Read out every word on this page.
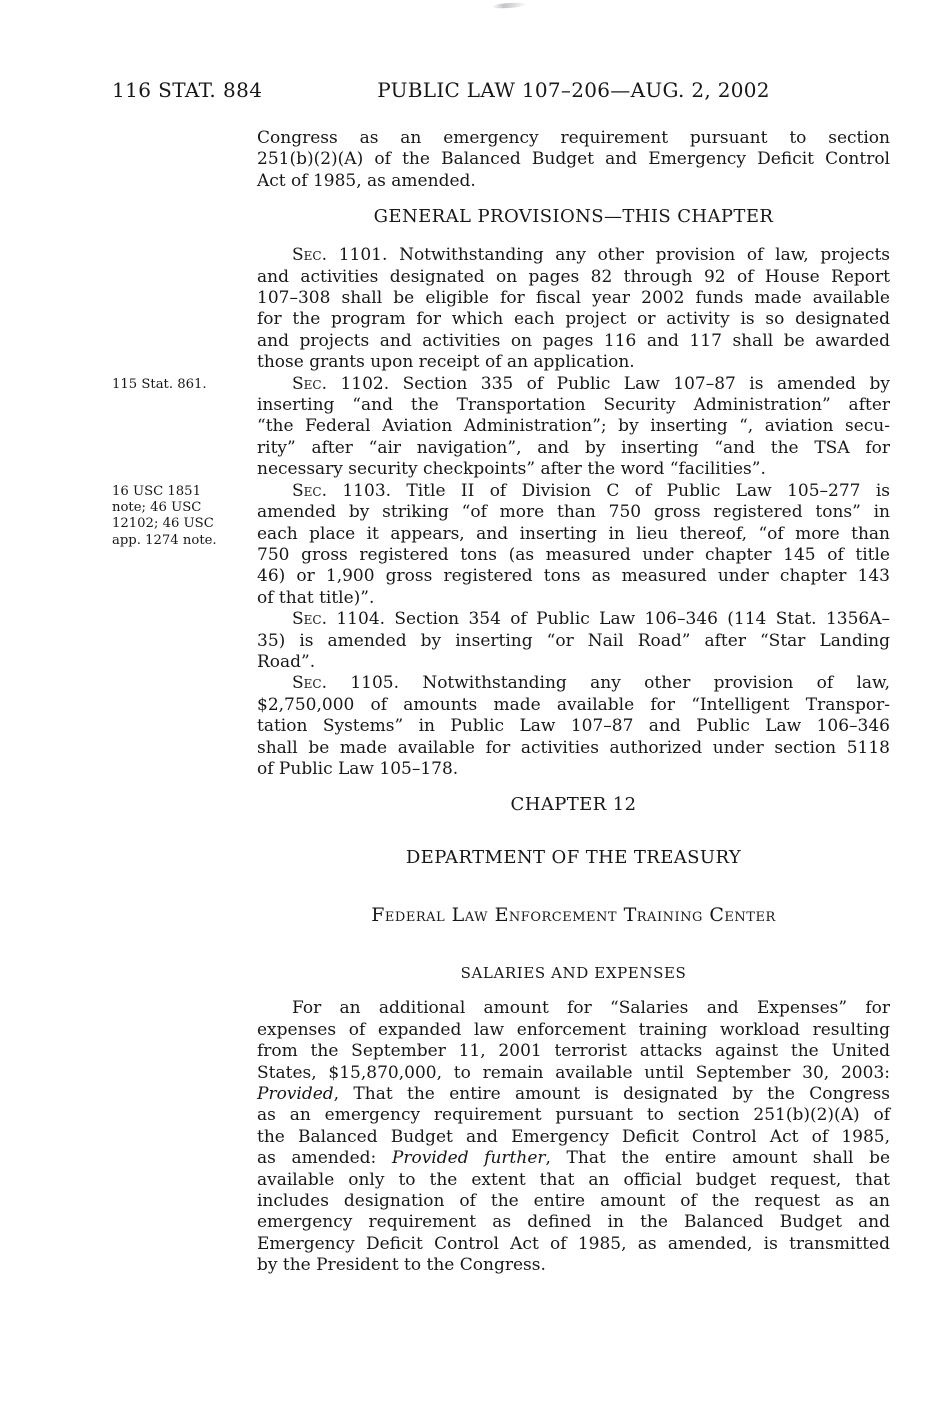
116 STAT. 884	PUBLIC LAW 107–206—AUG. 2, 2002
Congress as an emergency requirement pursuant to section
251(b)(2)(A) of the Balanced Budget and Emergency Deficit Control
Act of 1985, as amended.
GENERAL PROVISIONS—THIS CHAPTER
Sec. 1101. Notwithstanding any other provision of law, projects
and activities designated on pages 82 through 92 of House Report
107–308 shall be eligible for fiscal year 2002 funds made available
for the program for which each project or activity is so designated
and projects and activities on pages 116 and 117 shall be awarded
those grants upon receipt of an application.
115 Stat. 861.	Sec. 1102. Section 335 of Public Law 107–87 is amended by
inserting “and the Transportation Security Administration” after
“the Federal Aviation Administration”; by inserting “, aviation secu-
rity” after “air navigation”, and by inserting “and the TSA for
necessary security checkpoints” after the word “facilities”.
16 USC 1851
note; 46 USC
12102; 46 USC
app. 1274 note.
Sec. 1103. Title II of Division C of Public Law 105–277 is
amended by striking “of more than 750 gross registered tons” in
each place it appears, and inserting in lieu thereof, “of more than
750 gross registered tons (as measured under chapter 145 of title
46) or 1,900 gross registered tons as measured under chapter 143
of that title)”.
Sec. 1104. Section 354 of Public Law 106–346 (114 Stat. 1356A–
35) is amended by inserting “or Nail Road” after “Star Landing
Road”.
Sec. 1105. Notwithstanding any other provision of law,
$2,750,000 of amounts made available for “Intelligent Transpor-
tation Systems” in Public Law 107–87 and Public Law 106–346
shall be made available for activities authorized under section 5118
of Public Law 105–178.
CHAPTER 12
DEPARTMENT OF THE TREASURY
Federal Law Enforcement Training Center
SALARIES AND EXPENSES
For an additional amount for “Salaries and Expenses” for
expenses of expanded law enforcement training workload resulting
from the September 11, 2001 terrorist attacks against the United
States, $15,870,000, to remain available until September 30, 2003:
Provided, That the entire amount is designated by the Congress
as an emergency requirement pursuant to section 251(b)(2)(A) of
the Balanced Budget and Emergency Deficit Control Act of 1985,
as amended: Provided further, That the entire amount shall be
available only to the extent that an official budget request, that
includes designation of the entire amount of the request as an
emergency requirement as defined in the Balanced Budget and
Emergency Deficit Control Act of 1985, as amended, is transmitted
by the President to the Congress.
